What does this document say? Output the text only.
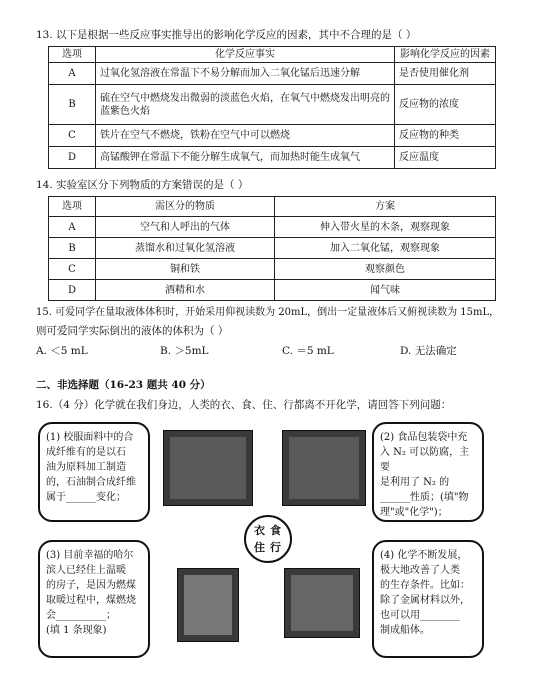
13. 以下是根据一些反应事实推导出的影响化学反应的因素，其中不合理的是（ ）
选项	化学反应事实	影响化学反应的因素
A	过氧化氢溶液在常温下不易分解而加入二氧化锰后迅速分解	是否使用催化剂
B	硫在空气中燃烧发出微弱的淡蓝色火焰，在氧气中燃烧发出明亮的蓝紫色火焰	反应物的浓度
C	铁片在空气不燃烧，铁粉在空气中可以燃烧	反应物的种类
D	高锰酸钾在常温下不能分解生成氧气，而加热时能生成氧气	反应温度
14. 实验室区分下列物质的方案错误的是（ ）
选项	需区分的物质	方案
A	空气和人呼出的气体	伸入带火星的木条，观察现象
B	蒸馏水和过氧化氢溶液	加入二氧化锰，观察现象
C	铜和铁	观察颜色
D	酒精和水	闻气味
15. 可爱同学在量取液体体积时，开始采用仰视读数为 20mL，倒出一定量液体后又俯视读数为 15mL，
则可爱同学实际倒出的液体的体积为（ ）
A. ＜5 mL	B. ＞5mL	C. ＝5 mL	D. 无法确定
二、非选择题（16-23 题共 40 分）
16.（4 分）化学就在我们身边，人类的衣、食、住、行都离不开化学，请回答下列问题：
(1) 校服面料中的合
成纤维有的是以石
油为原料加工制造
的，石油制合成纤维
属于______变化；
(2) 食品包装袋中充
入 N₂ 可以防腐，主要
是利用了 N₂ 的
______性质；(填"物
理"或"化学")；
(3) 目前幸福的哈尔
滨人已经住上温暖
的房子，是因为燃煤
取暖过程中，煤燃烧
会__________；
(填 1 条现象)
(4) 化学不断发展，
极大地改善了人类
的生存条件。比如：
除了金属材料以外，
也可以用________
制成船体。
衣 食
住 行
